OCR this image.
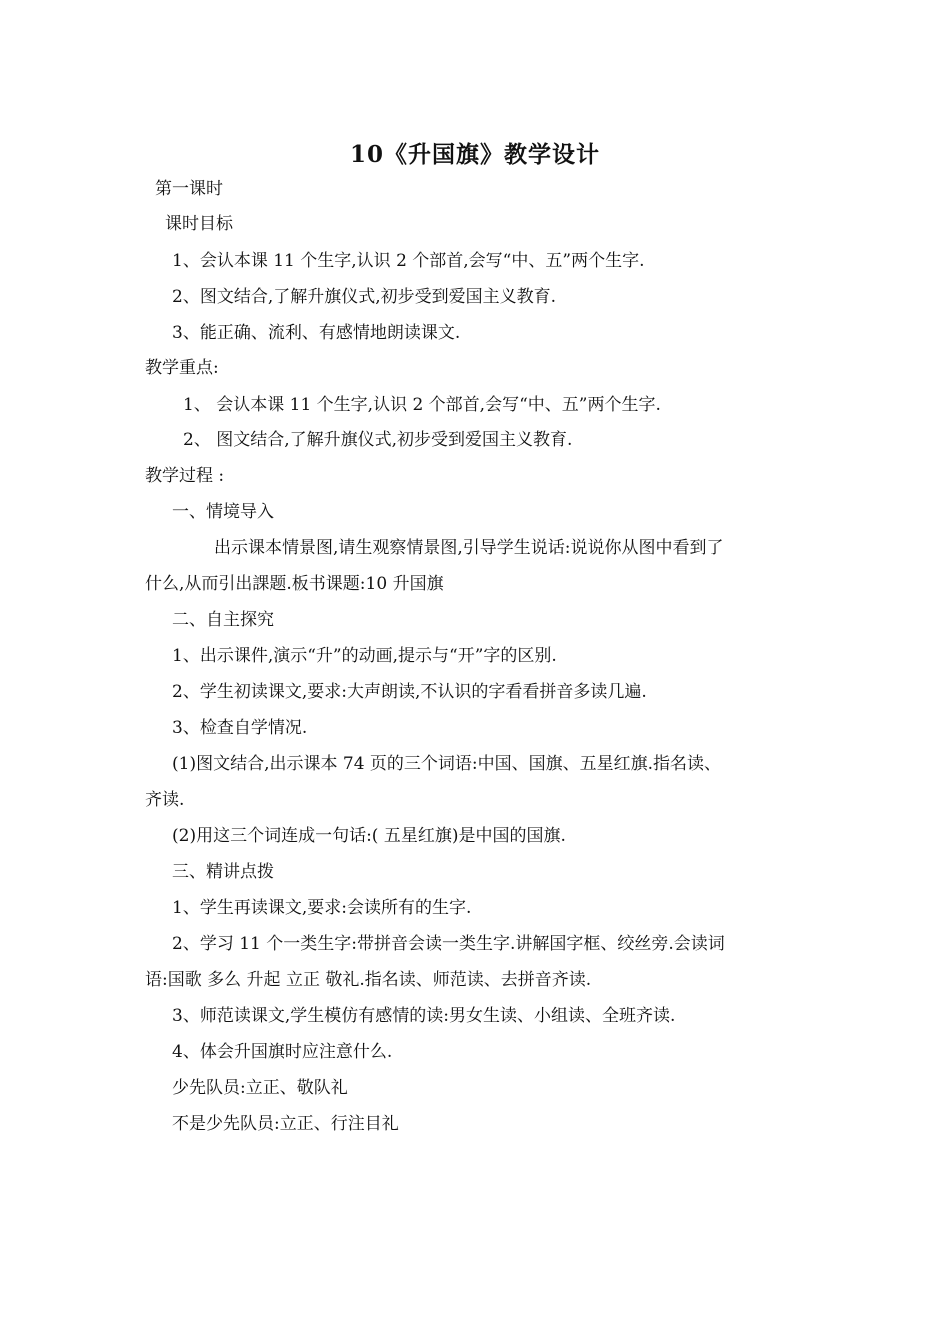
10《升国旗》教学设计
第一课时
课时目标
1、会认本课 11 个生字,认识 2 个部首,会写“中、五”两个生字.
2、图文结合,了解升旗仪式,初步受到爱国主义教育.
3、能正确、流利、有感情地朗读课文.
教学重点:
1、 会认本课 11 个生字,认识 2 个部首,会写“中、五”两个生字.
2、 图文结合,了解升旗仪式,初步受到爱国主义教育.
教学过程 :
一、情境导入
出示课本情景图,请生观察情景图,引导学生说话:说说你从图中看到了
什么,从而引出課题.板书课题:10 升国旗
二、自主探究
1、出示课件,演示“升”的动画,提示与“开”字的区别.
2、学生初读课文,要求:大声朗读,不认识的字看看拼音多读几遍.
3、检查自学情况.
(1)图文结合,出示课本 74 页的三个词语:中国、国旗、五星红旗.指名读、
齐读.
(2)用这三个词连成一句话:( 五星红旗)是中国的国旗.
三、精讲点拨
1、学生再读课文,要求:会读所有的生字.
2、学习 11 个一类生字:带拼音会读一类生字.讲解国字框、绞丝旁.会读词
语:国歌 多么 升起 立正 敬礼.指名读、师范读、去拼音齐读.
3、师范读课文,学生模仿有感情的读:男女生读、小组读、全班齐读.
4、体会升国旗时应注意什么.
少先队员:立正、敬队礼
不是少先队员:立正、行注目礼
